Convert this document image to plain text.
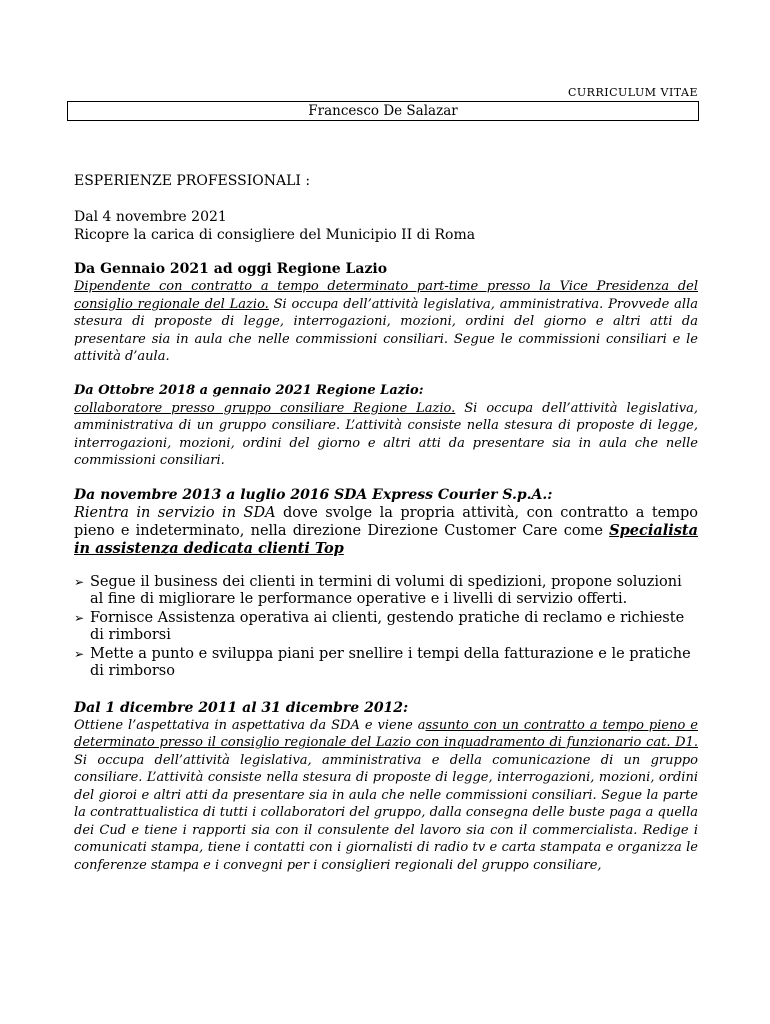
CURRICULUM VITAE
Francesco De Salazar

ESPERIENZE PROFESSIONALI :

Dal 4 novembre 2021

Ricopre la carica di consigliere del Municipio II di Roma

Da Gennaio 2021 ad oggi Regione Lazio

Dipendente con contratto a tempo determinato part-time presso la Vice Presidenza del consiglio regionale del Lazio. Si occupa dell’attività legislativa, amministrativa. Provvede alla stesura di proposte di legge, interrogazioni, mozioni, ordini del giorno e altri atti da presentare sia in aula che nelle commissioni consiliari. Segue le commissioni consiliari e le attività d’aula.

Da Ottobre 2018 a gennaio 2021 Regione Lazio:

collaboratore presso gruppo consiliare Regione Lazio. Si occupa dell’attività legislativa, amministrativa di un gruppo consiliare. L’attività consiste nella stesura di proposte di legge, interrogazioni, mozioni, ordini del giorno e altri atti da presentare sia in aula che nelle commissioni consiliari.

Da novembre 2013 a luglio 2016 SDA Express Courier S.p.A.:

Rientra in servizio in SDA dove svolge la propria attività, con contratto a tempo pieno e indeterminato, nella direzione Direzione Customer Care come Specialista in assistenza dedicata clienti Top

➢ Segue il business dei clienti in termini di volumi di spedizioni, propone soluzioni al fine di migliorare le performance operative e i livelli di servizio offerti.
➢ Fornisce Assistenza operativa ai clienti, gestendo pratiche di reclamo e richieste di rimborsi
➢ Mette a punto e sviluppa piani per snellire i tempi della fatturazione e le pratiche di rimborso

Dal 1 dicembre 2011 al 31 dicembre 2012:

Ottiene l’aspettativa in aspettativa da SDA e viene assunto con un contratto a tempo pieno e determinato presso il consiglio regionale del Lazio con inquadramento di funzionario cat. D1. Si occupa dell’attività legislativa, amministrativa e della comunicazione di un gruppo consiliare. L’attività consiste nella stesura di proposte di legge, interrogazioni, mozioni, ordini del gioroi e altri atti da presentare sia in aula che nelle commissioni consiliari. Segue la parte la contrattualistica di tutti i collaboratori del gruppo, dalla consegna delle buste paga a quella dei Cud e tiene i rapporti sia con il consulente del lavoro sia con il commercialista. Redige i comunicati stampa, tiene i contatti con i giornalisti di radio tv e carta stampata e organizza le conferenze stampa e i convegni per i consiglieri regionali del gruppo consiliare,
